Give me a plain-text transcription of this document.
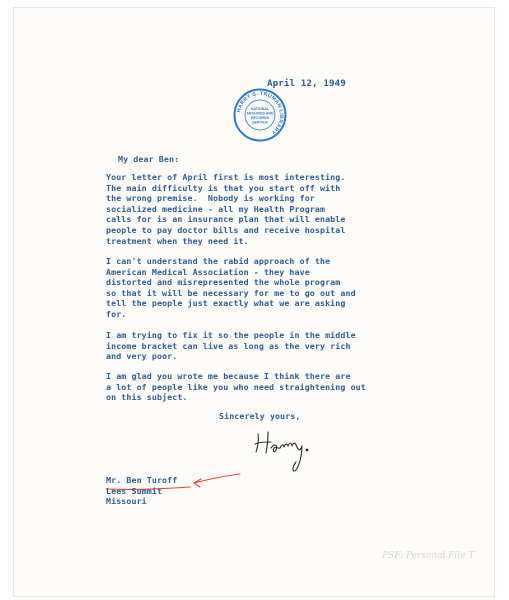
HARRY S. TRUMAN LIBRARY
NATIONAL
ARCHIVES AND
RECORDS
SERVICE
April 12, 1949
My dear Ben:
Your letter of April first is most interesting.
The main difficulty is that you start off with
the wrong premise.  Nobody is working for
socialized medicine - all my Health Program
calls for is an insurance plan that will enable
people to pay doctor bills and receive hospital
treatment when they need it.
I can't understand the rabid approach of the
American Medical Association - they have
distorted and misrepresented the whole program
so that it will be necessary for me to go out and
tell the people just exactly what we are asking
for.
I am trying to fix it so the people in the middle
income bracket can live as long as the very rich
and very poor.
I am glad you wrote me because I think there are
a lot of people like you who need straightening out
on this subject.
Sincerely yours,
Mr. Ben Turoff
Lees Summit
Missouri
PSF: Personal File T
